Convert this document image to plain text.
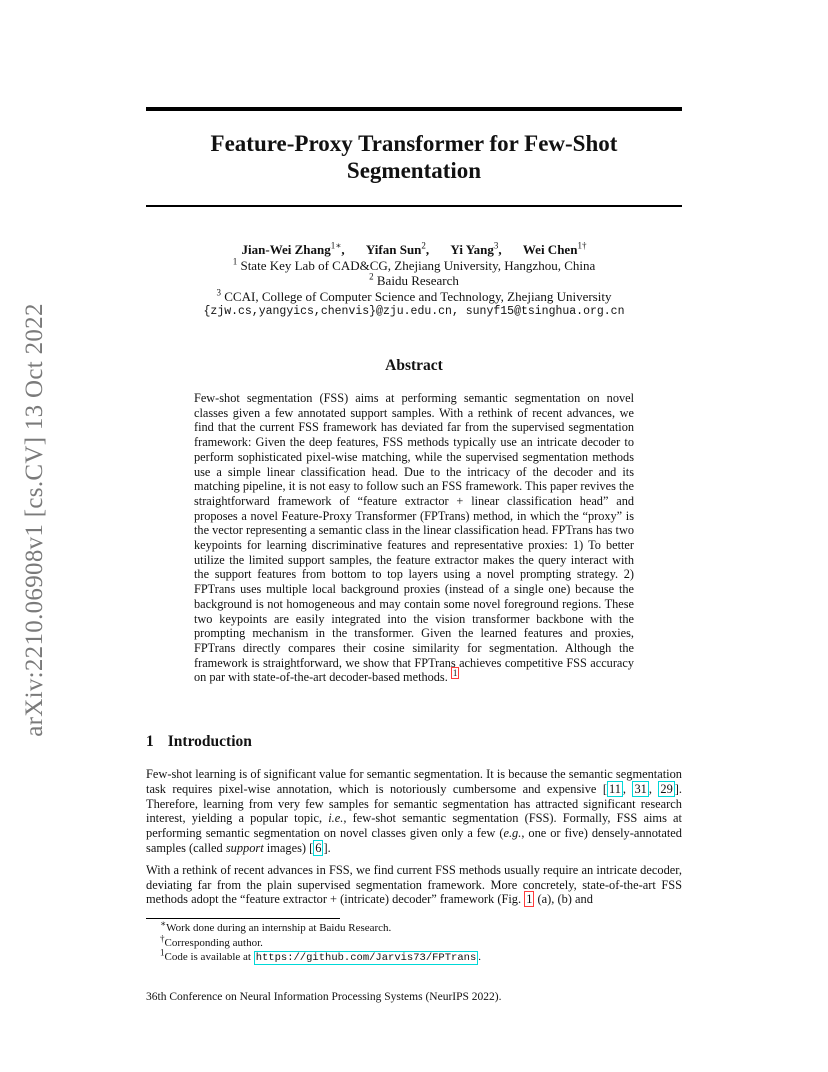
arXiv:2210.06908v1 [cs.CV] 13 Oct 2022
Feature-Proxy Transformer for Few-Shot
Segmentation
Jian-Wei Zhang$^{1∗}$, Yifan Sun$^2$, Yi Yang$^3$, Wei Chen$^{1\dagger}$
$^1$ State Key Lab of CAD&CG, Zhejiang University, Hangzhou, China
$^2$ Baidu Research
$^3$ CCAI, College of Computer Science and Technology, Zhejiang University
{zjw.cs,yangyics,chenvis}@zju.edu.cn, sunyf15@tsinghua.org.cn
Abstract
Few-shot segmentation (FSS) aims at performing semantic segmentation on novel classes given a few annotated support samples. With a rethink of recent advances, we find that the current FSS framework has deviated far from the supervised segmentation framework: Given the deep features, FSS methods typically use an intricate decoder to perform sophisticated pixel-wise matching, while the supervised segmentation methods use a simple linear classification head. Due to the intricacy of the decoder and its matching pipeline, it is not easy to follow such an FSS framework. This paper revives the straightforward framework of “feature extractor + linear classification head” and proposes a novel Feature-Proxy Transformer (FPTrans) method, in which the “proxy” is the vector representing a semantic class in the linear classification head. FPTrans has two keypoints for learning discriminative features and representative proxies: 1) To better utilize the limited support samples, the feature extractor makes the query interact with the support features from bottom to top layers using a novel prompting strategy. 2) FPTrans uses multiple local background proxies (instead of a single one) because the background is not homogeneous and may contain some novel foreground regions. These two keypoints are easily integrated into the vision transformer backbone with the prompting mechanism in the transformer. Given the learned features and proxies, FPTrans directly compares their cosine similarity for segmentation. Although the framework is straightforward, we show that FPTrans achieves competitive FSS accuracy on par with state-of-the-art decoder-based methods. $^1$
1 Introduction

Few-shot learning is of significant value for semantic segmentation. It is because the semantic segmentation task requires pixel-wise annotation, which is notoriously cumbersome and expensive [ 11 , 31 , 29 ]. Therefore, learning from very few samples for semantic segmentation has attracted significant research interest, yielding a popular topic, i.e., few-shot semantic segmentation (FSS). Formally, FSS aims at performing semantic segmentation on novel classes given only a few (e.g., one or five) densely-annotated samples (called support images) [ 6 ].

With a rethink of recent advances in FSS, we find current FSS methods usually require an intricate decoder, deviating far from the plain supervised segmentation framework. More concretely, state-of-the-art FSS methods adopt the “feature extractor + (intricate) decoder” framework (Fig. 1 (a), (b) and

∗Work done during an internship at Baidu Research.
†Corresponding author.
$^1$Code is available at https://github.com/Jarvis73/FPTrans .
36th Conference on Neural Information Processing Systems (NeurIPS 2022).
